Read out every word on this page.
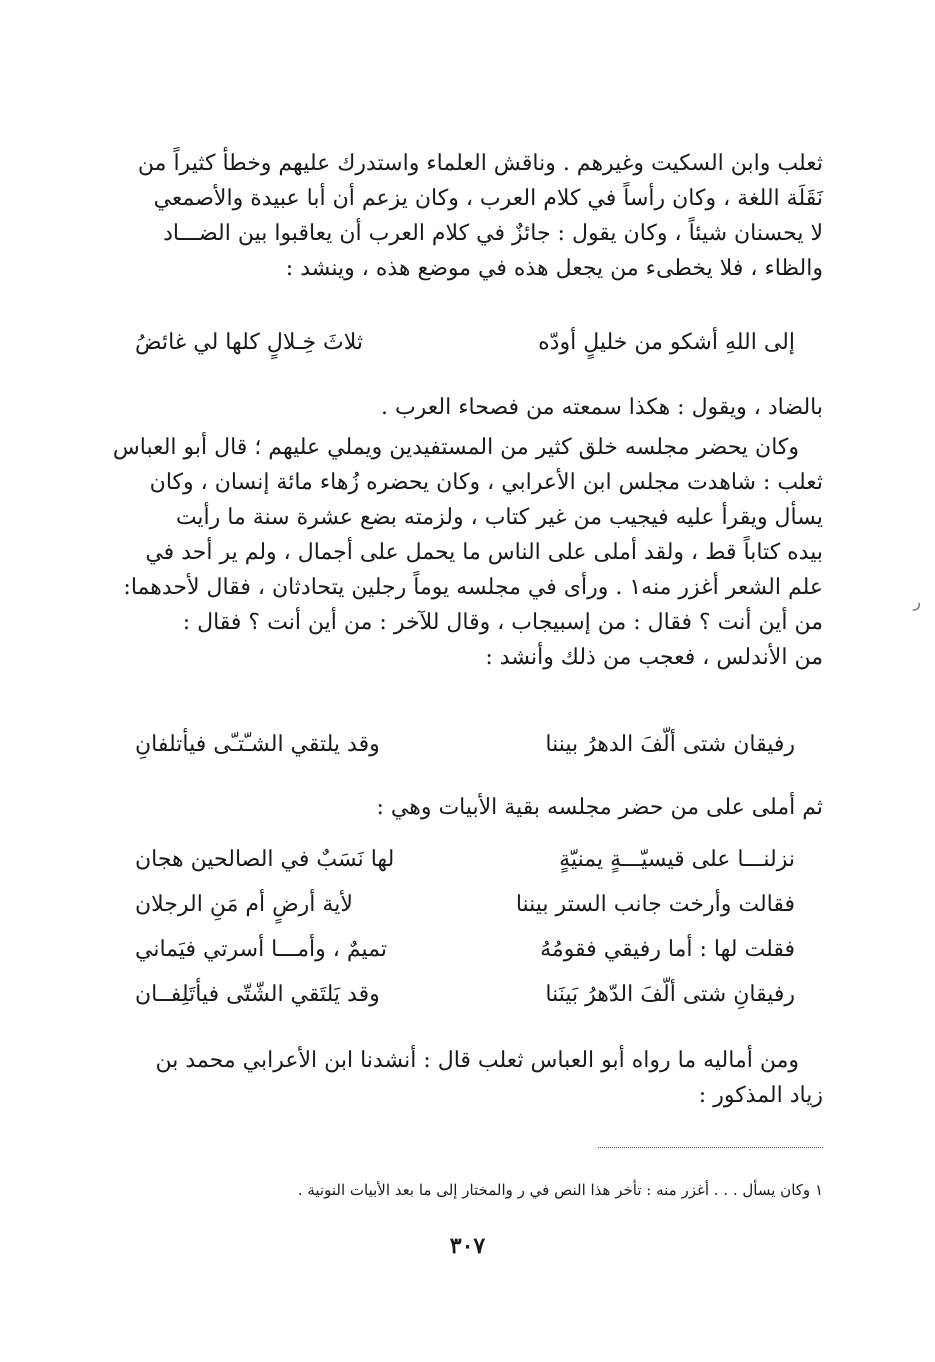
ثعلب وابن السكيت وغيرهم . وناقش العلماء واستدرك عليهم وخطأ كثيراً من

نَقَلَة اللغة ، وكان رأساً في كلام العرب ، وكان يزعم أن أبا عبيدة والأصمعي

لا يحسنان شيئاً ، وكان يقول : جائزٌ في كلام العرب أن يعاقبوا بين الضـــاد

والظاء ، فلا يخطىء من يجعل هذه في موضع هذه ، وينشد :

إلى اللهِ أشكو من خليلٍ أودّه
ثلاثَ خِـلالٍ كلها لي غائضُ

بالضاد ، ويقول : هكذا سمعته من فصحاء العرب .

وكان يحضر مجلسه خلق كثير من المستفيدين ويملي عليهم ؛ قال أبو العباس

ثعلب : شاهدت مجلس ابن الأعرابي ، وكان يحضره زُهاء مائة إنسان ، وكان

يسأل ويقرأ عليه فيجيب من غير كتاب ، ولزمته بضع عشرة سنة ما رأيت

بيده كتاباً قط ، ولقد أملى على الناس ما يحمل على أجمال ، ولم ير أحد في

علم الشعر أغزر منه١ . ورأى في مجلسه يوماً رجلين يتحادثان ، فقال لأحدهما:

من أين أنت ؟ فقال : من إسبيجاب ، وقال للآخر : من أين أنت ؟ فقال :

من الأندلس ، فعجب من ذلك وأنشد :

ر
رفيقان شتى ألّفَ الدهرُ بيننا
وقد يلتقي الشـّتـّى فيأتلفانِ

ثم أملى على من حضر مجلسه بقية الأبيات وهي :

نزلنـــا على قيسيّـــةٍ يمنيّةٍ
لها نَسَبٌ في الصالحين هجان
فقالت وأرخت جانب الستر بيننا
لأية أرضٍ أم مَنِ الرجلان
فقلت لها : أما رفيقي فقومُهُ
تميمٌ ، وأمـــا أسرتي فيَماني
رفيقانِ شتى ألّفَ الدّهرُ بَينَنا
وقد يَلتَقي الشّتّى فيأتَلِفــان

ومن أماليه ما رواه أبو العباس ثعلب قال : أنشدنا ابن الأعرابي محمد بن

زياد المذكور :

١ وكان يسأل . . . أغزر منه : تأخر هذا النص في ر والمختار إلى ما بعد الأبيات النونية .
٣٠٧
